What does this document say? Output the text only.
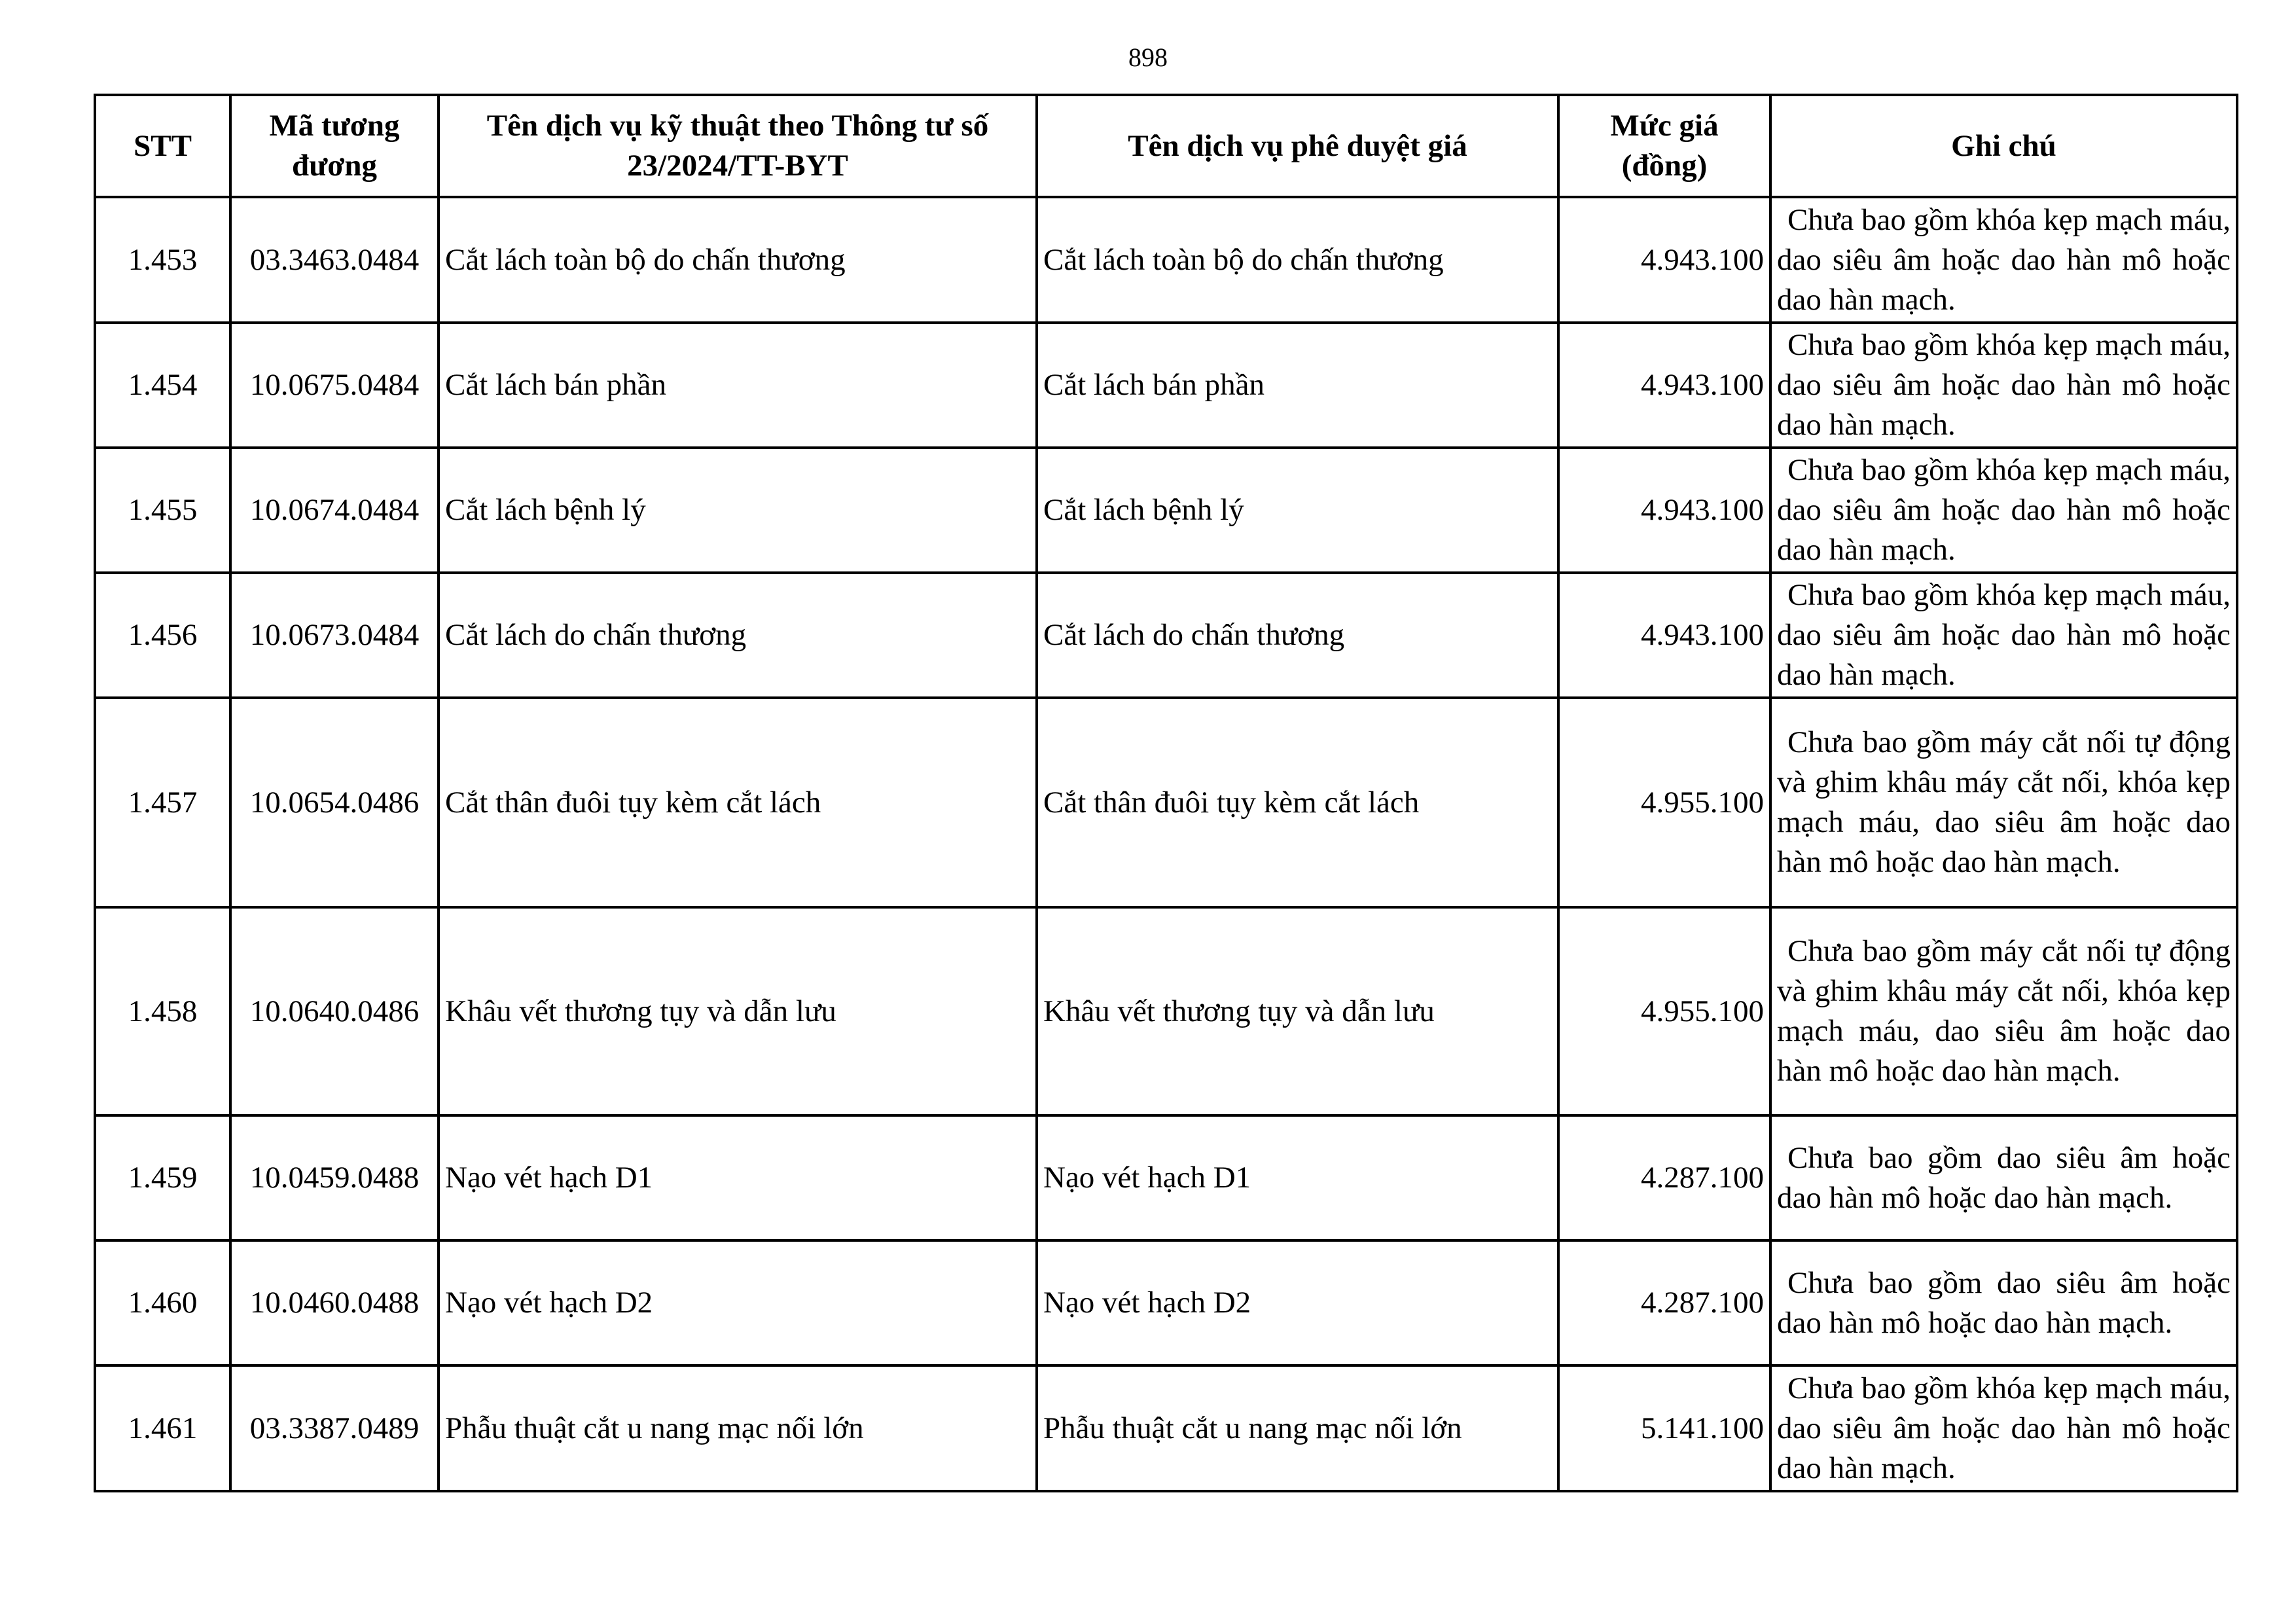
898
STT	Mã tương đương	Tên dịch vụ kỹ thuật theo Thông tư số 23/2024/TT-BYT	Tên dịch vụ phê duyệt giá	Mức giá (đồng)	Ghi chú
1.453	03.3463.0484	Cắt lách toàn bộ do chấn thương	Cắt lách toàn bộ do chấn thương	4.943.100	Chưa bao gồm khóa kẹp mạch máu, dao siêu âm hoặc dao hàn mô hoặc dao hàn mạch.
1.454	10.0675.0484	Cắt lách bán phần	Cắt lách bán phần	4.943.100	Chưa bao gồm khóa kẹp mạch máu, dao siêu âm hoặc dao hàn mô hoặc dao hàn mạch.
1.455	10.0674.0484	Cắt lách bệnh lý	Cắt lách bệnh lý	4.943.100	Chưa bao gồm khóa kẹp mạch máu, dao siêu âm hoặc dao hàn mô hoặc dao hàn mạch.
1.456	10.0673.0484	Cắt lách do chấn thương	Cắt lách do chấn thương	4.943.100	Chưa bao gồm khóa kẹp mạch máu, dao siêu âm hoặc dao hàn mô hoặc dao hàn mạch.
1.457	10.0654.0486	Cắt thân đuôi tụy kèm cắt lách	Cắt thân đuôi tụy kèm cắt lách	4.955.100	Chưa bao gồm máy cắt nối tự động và ghim khâu máy cắt nối, khóa kẹp mạch máu, dao siêu âm hoặc dao hàn mô hoặc dao hàn mạch.
1.458	10.0640.0486	Khâu vết thương tụy và dẫn lưu	Khâu vết thương tụy và dẫn lưu	4.955.100	Chưa bao gồm máy cắt nối tự động và ghim khâu máy cắt nối, khóa kẹp mạch máu, dao siêu âm hoặc dao hàn mô hoặc dao hàn mạch.
1.459	10.0459.0488	Nạo vét hạch D1	Nạo vét hạch D1	4.287.100	Chưa bao gồm dao siêu âm hoặc dao hàn mô hoặc dao hàn mạch.
1.460	10.0460.0488	Nạo vét hạch D2	Nạo vét hạch D2	4.287.100	Chưa bao gồm dao siêu âm hoặc dao hàn mô hoặc dao hàn mạch.
1.461	03.3387.0489	Phẫu thuật cắt u nang mạc nối lớn	Phẫu thuật cắt u nang mạc nối lớn	5.141.100	Chưa bao gồm khóa kẹp mạch máu, dao siêu âm hoặc dao hàn mô hoặc dao hàn mạch.
